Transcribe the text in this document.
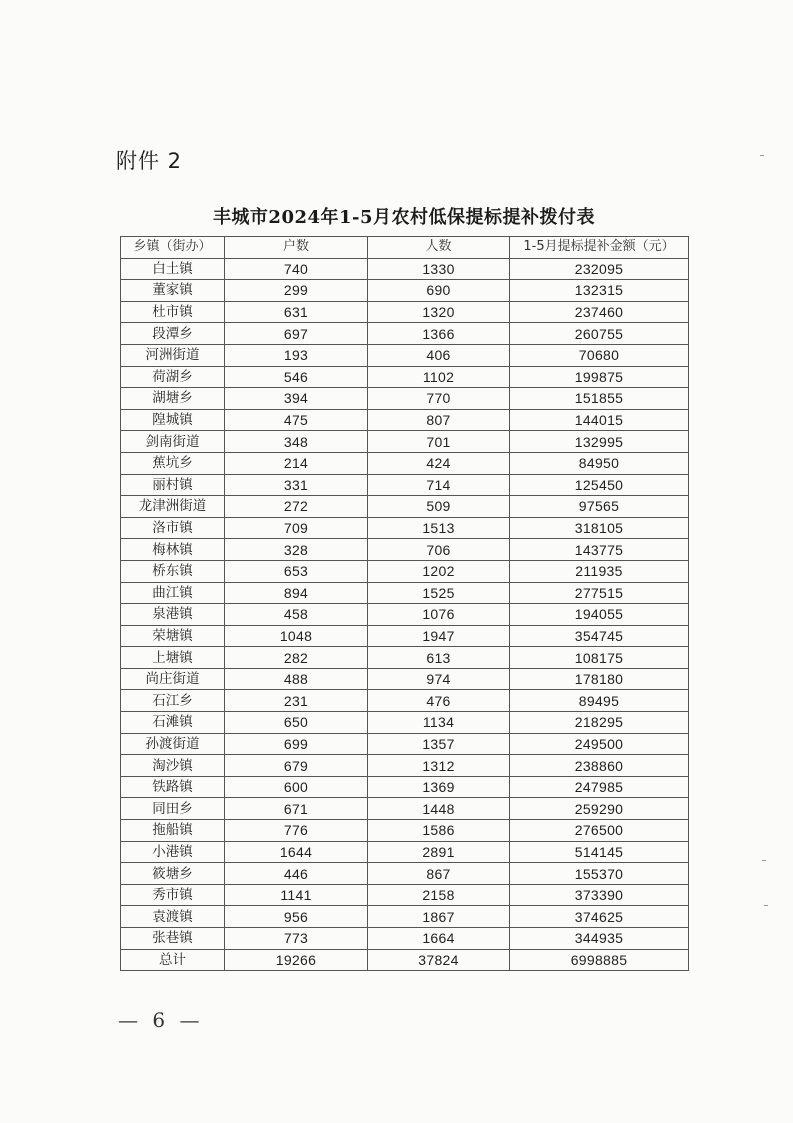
附件 2
丰城市2024年1-5月农村低保提标提补拨付表
乡镇（街办）	户数	人数	1-5月提标提补金额（元）
白土镇	740	1330	232095
董家镇	299	690	132315
杜市镇	631	1320	237460
段潭乡	697	1366	260755
河洲街道	193	406	70680
荷湖乡	546	1102	199875
湖塘乡	394	770	151855
隍城镇	475	807	144015
剑南街道	348	701	132995
蕉坑乡	214	424	84950
丽村镇	331	714	125450
龙津洲街道	272	509	97565
洛市镇	709	1513	318105
梅林镇	328	706	143775
桥东镇	653	1202	211935
曲江镇	894	1525	277515
泉港镇	458	1076	194055
荣塘镇	1048	1947	354745
上塘镇	282	613	108175
尚庄街道	488	974	178180
石江乡	231	476	89495
石滩镇	650	1134	218295
孙渡街道	699	1357	249500
淘沙镇	679	1312	238860
铁路镇	600	1369	247985
同田乡	671	1448	259290
拖船镇	776	1586	276500
小港镇	1644	2891	514145
筱塘乡	446	867	155370
秀市镇	1141	2158	373390
袁渡镇	956	1867	374625
张巷镇	773	1664	344935
总计	19266	37824	6998885
— 6 —
